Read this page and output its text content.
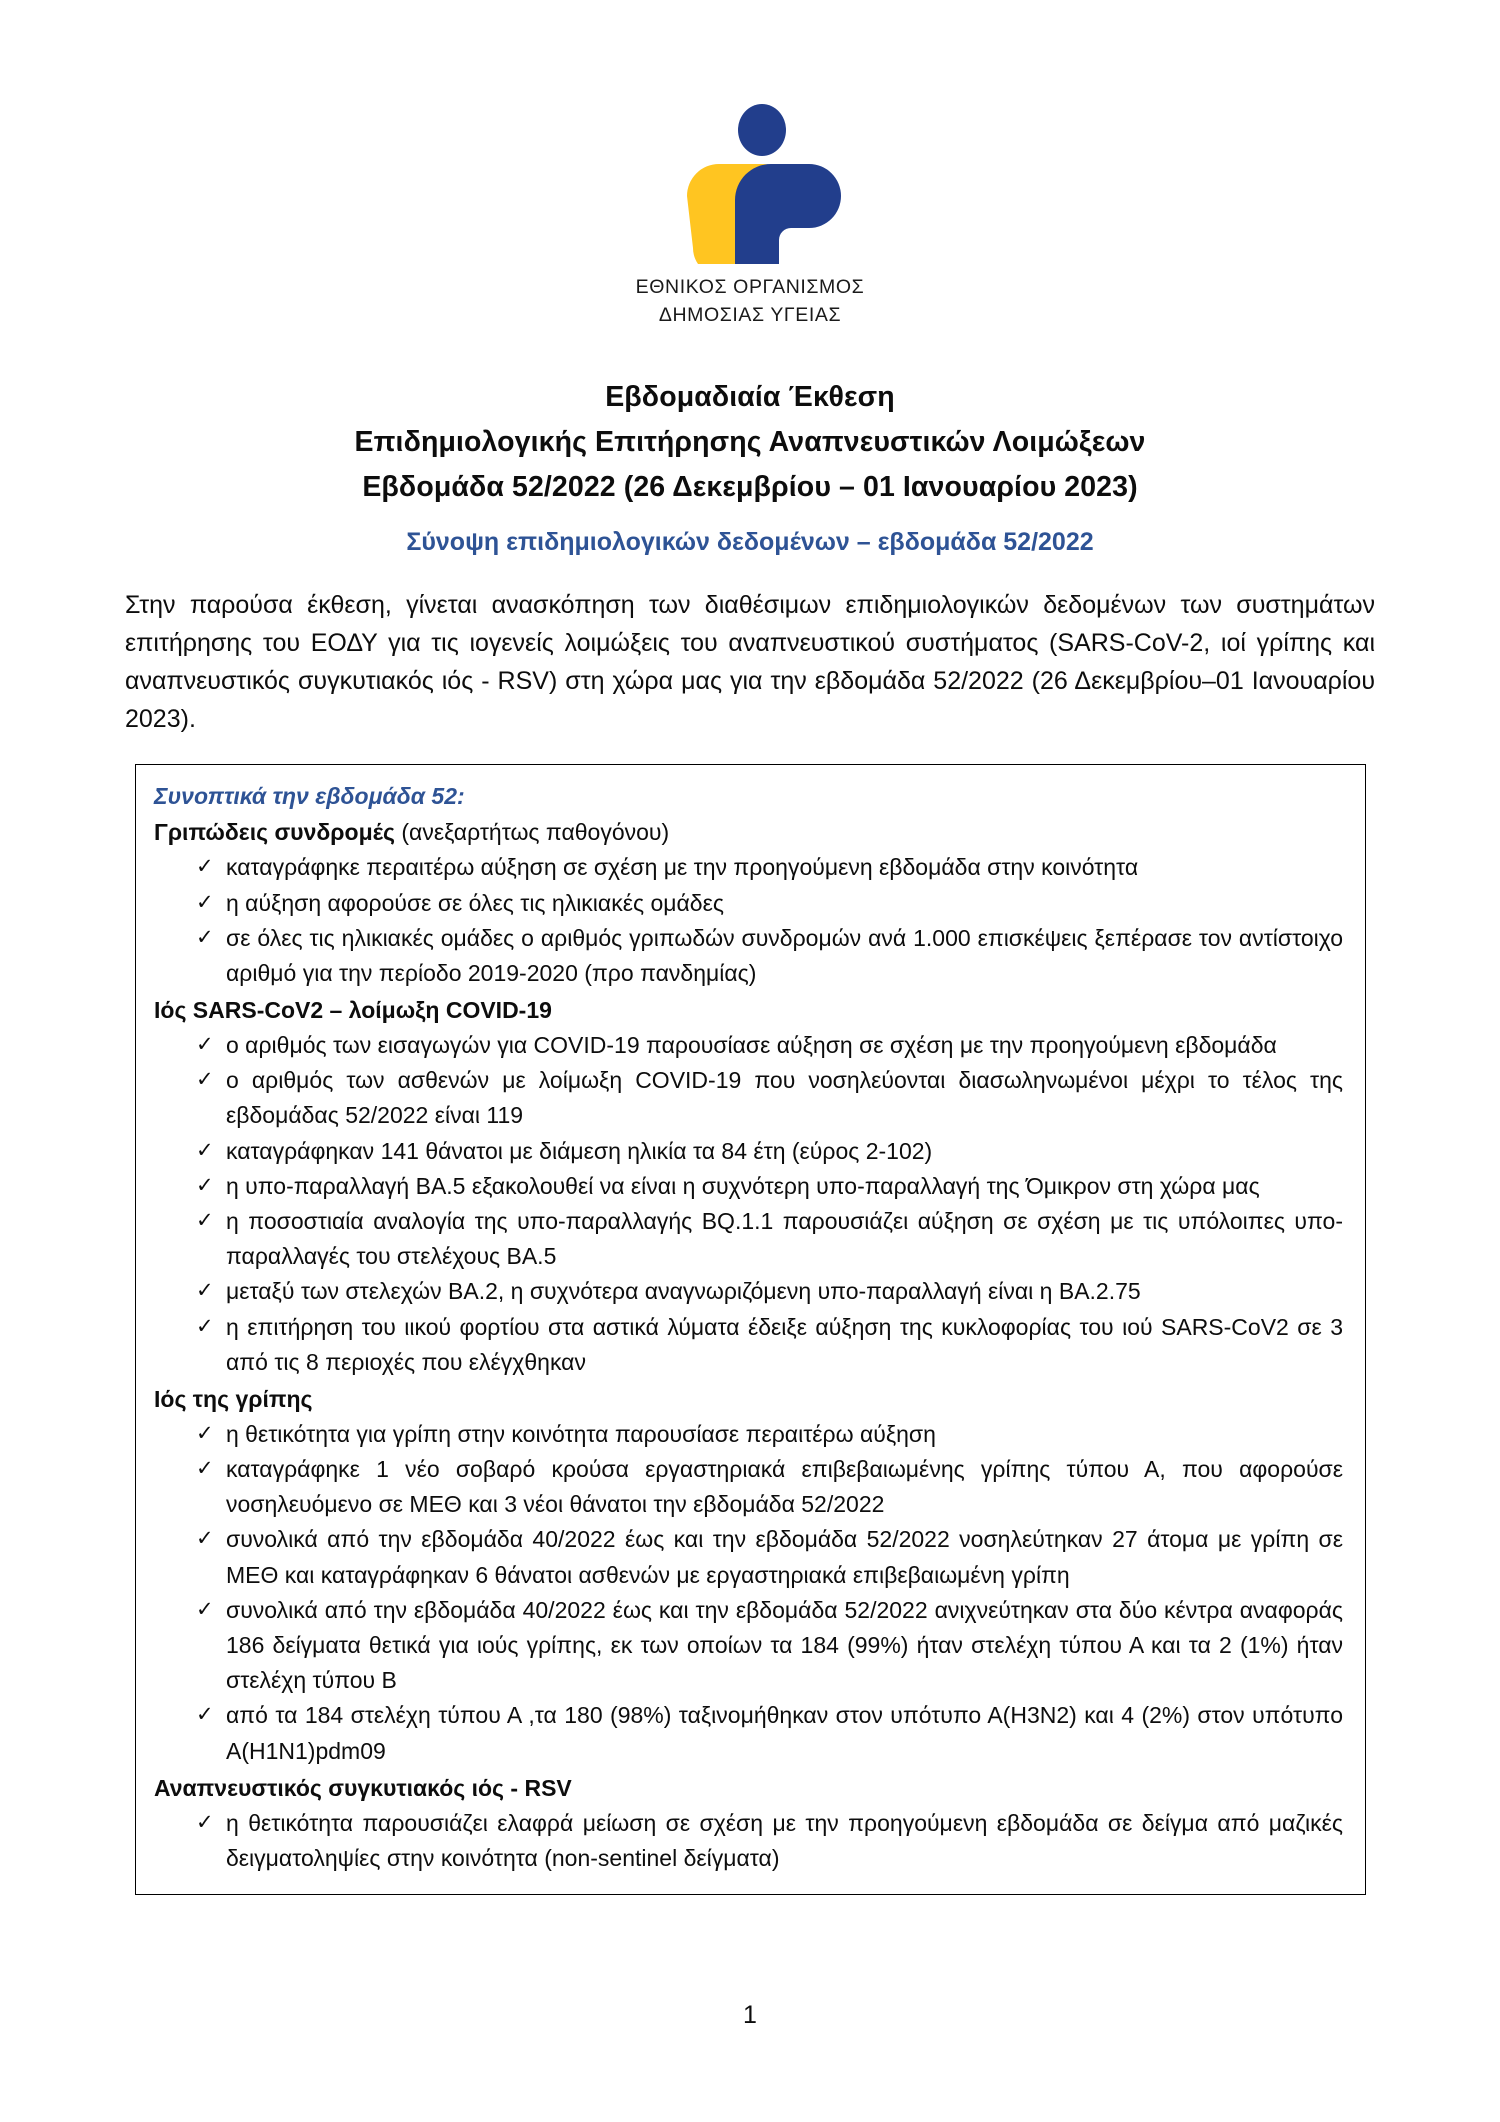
ΕΘΝΙΚΟΣ ΟΡΓΑΝΙΣΜΟΣ
ΔΗΜΟΣΙΑΣ ΥΓΕΙΑΣ
Εβδομαδιαία Έκθεση
Επιδημιολογικής Επιτήρησης Αναπνευστικών Λοιμώξεων
Εβδομάδα 52/2022 (26 Δεκεμβρίου – 01 Ιανουαρίου 2023)
Σύνοψη επιδημιολογικών δεδομένων – εβδομάδα 52/2022

Στην παρούσα έκθεση, γίνεται ανασκόπηση των διαθέσιμων επιδημιολογικών δεδομένων των συστημάτων επιτήρησης του ΕΟΔΥ για τις ιογενείς λοιμώξεις του αναπνευστικού συστήματος (SARS-CoV-2, ιοί γρίπης και αναπνευστικός συγκυτιακός ιός - RSV) στη χώρα μας για την εβδομάδα 52/2022 (26 Δεκεμβρίου–01 Ιανουαρίου 2023).

Συνοπτικά την εβδομάδα 52:
Γριπώδεις συνδρομές (ανεξαρτήτως παθογόνου)
✓ καταγράφηκε περαιτέρω αύξηση σε σχέση με την προηγούμενη εβδομάδα στην κοινότητα
✓ η αύξηση αφορούσε σε όλες τις ηλικιακές ομάδες
✓ σε όλες τις ηλικιακές ομάδες ο αριθμός γριπωδών συνδρομών ανά 1.000 επισκέψεις ξεπέρασε τον αντίστοιχο αριθμό για την περίοδο 2019-2020 (προ πανδημίας)
Ιός SARS-CoV2 – λοίμωξη COVID-19
✓ ο αριθμός των εισαγωγών για COVID-19 παρουσίασε αύξηση σε σχέση με την προηγούμενη εβδομάδα
✓ ο αριθμός των ασθενών με λοίμωξη COVID-19 που νοσηλεύονται διασωληνωμένοι μέχρι το τέλος της εβδομάδας 52/2022 είναι 119
✓ καταγράφηκαν 141 θάνατοι με διάμεση ηλικία τα 84 έτη (εύρος 2-102)
✓ η υπο-παραλλαγή ΒΑ.5 εξακολουθεί να είναι η συχνότερη υπο-παραλλαγή της Όμικρον στη χώρα μας
✓ η ποσοστιαία αναλογία της υπο-παραλλαγής BQ.1.1 παρουσιάζει αύξηση σε σχέση με τις υπόλοιπες υπο-παραλλαγές του στελέχους ΒΑ.5
✓ μεταξύ των στελεχών ΒΑ.2, η συχνότερα αναγνωριζόμενη υπο-παραλλαγή είναι η ΒΑ.2.75
✓ η επιτήρηση του ιικού φορτίου στα αστικά λύματα έδειξε αύξηση της κυκλοφορίας του ιού SARS-CoV2 σε 3 από τις 8 περιοχές που ελέγχθηκαν
Ιός της γρίπης
✓ η θετικότητα για γρίπη στην κοινότητα παρουσίασε περαιτέρω αύξηση
✓ καταγράφηκε 1 νέο σοβαρό κρούσα εργαστηριακά επιβεβαιωμένης γρίπης τύπου Α, που αφορούσε νοσηλευόμενο σε ΜΕΘ και 3 νέοι θάνατοι την εβδομάδα 52/2022
✓ συνολικά από την εβδομάδα 40/2022 έως και την εβδομάδα 52/2022 νοσηλεύτηκαν 27 άτομα με γρίπη σε ΜΕΘ και καταγράφηκαν 6 θάνατοι ασθενών με εργαστηριακά επιβεβαιωμένη γρίπη
✓ συνολικά από την εβδομάδα 40/2022 έως και την εβδομάδα 52/2022 ανιχνεύτηκαν στα δύο κέντρα αναφοράς 186 δείγματα θετικά για ιούς γρίπης, εκ των οποίων τα 184 (99%) ήταν στελέχη τύπου Α και τα 2 (1%) ήταν στελέχη τύπου Β
✓ από τα 184 στελέχη τύπου Α ,τα 180 (98%) ταξινομήθηκαν στον υπότυπο Α(Η3Ν2) και 4 (2%) στον υπότυπο Α(Η1Ν1)pdm09
Αναπνευστικός συγκυτιακός ιός - RSV
✓ η θετικότητα παρουσιάζει ελαφρά μείωση σε σχέση με την προηγούμενη εβδομάδα σε δείγμα από μαζικές δειγματοληψίες στην κοινότητα (non-sentinel δείγματα)
1
